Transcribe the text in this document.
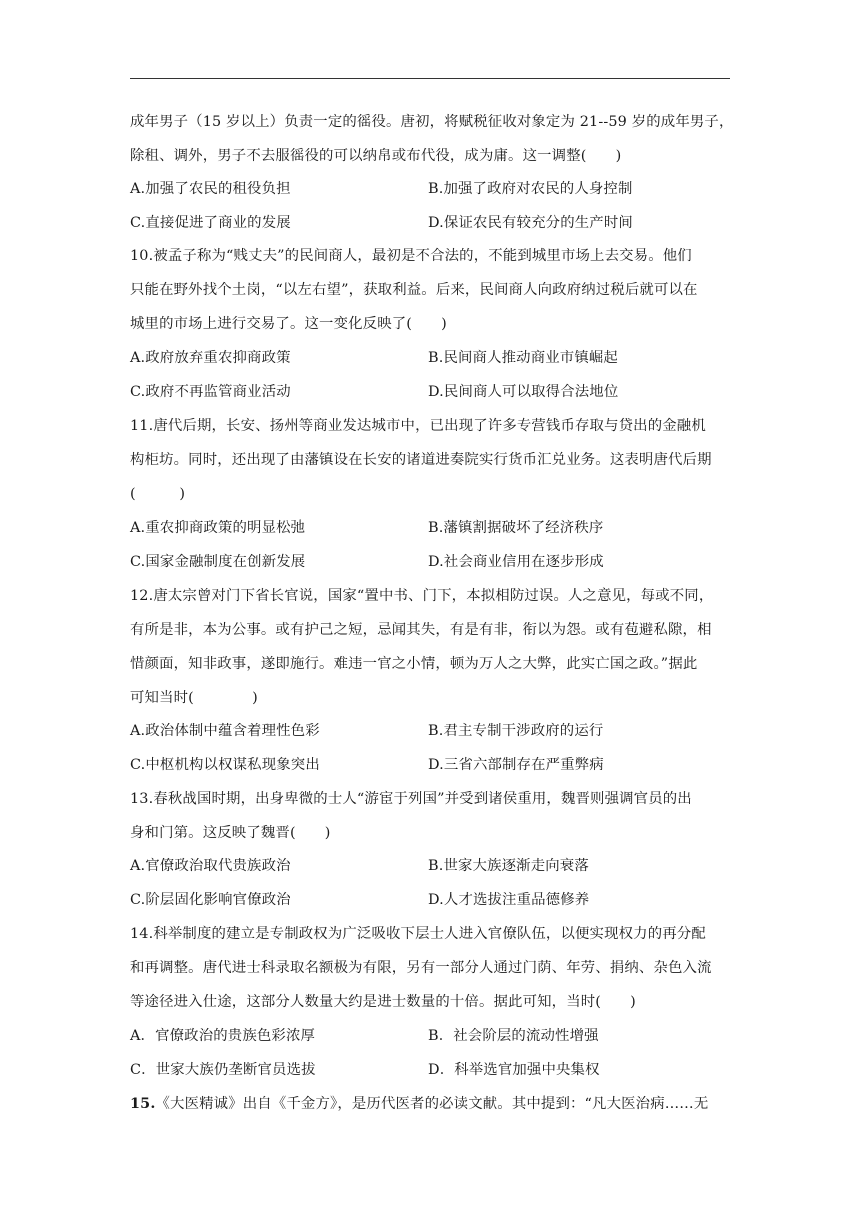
成年男子（15 岁以上）负责一定的徭役。唐初，将赋税征收对象定为 21--59 岁的成年男子，
除租、调外，男子不去服徭役的可以纳帛或布代役，成为庸。这一调整(　　)
A.加强了农民的租役负担	B.加强了政府对农民的人身控制
C.直接促进了商业的发展	D.保证农民有较充分的生产时间
10.被孟子称为“贱丈夫”的民间商人，最初是不合法的，不能到城里市场上去交易。他们
只能在野外找个土岗，“以左右望”，获取利益。后来，民间商人向政府纳过税后就可以在
城里的市场上进行交易了。这一变化反映了(　　)
A.政府放弃重农抑商政策	B.民间商人推动商业市镇崛起
C.政府不再监管商业活动	D.民间商人可以取得合法地位
11.唐代后期，长安、扬州等商业发达城市中，已出现了许多专营钱币存取与贷出的金融机
构柜坊。同时，还出现了由藩镇设在长安的诸道进奏院实行货币汇兑业务。这表明唐代后期
(　　　)
A.重农抑商政策的明显松弛	B.藩镇割据破坏了经济秩序
C.国家金融制度在创新发展	D.社会商业信用在逐步形成
12.唐太宗曾对门下省长官说，国家“置中书、门下，本拟相防过误。人之意见，每或不同，
有所是非，本为公事。或有护己之短，忌闻其失，有是有非，衔以为怨。或有苞避私隙，相
惜颜面，知非政事，遂即施行。难违一官之小情，顿为万人之大弊，此实亡国之政。”据此
可知当时(　　　　)
A.政治体制中蕴含着理性色彩	B.君主专制干涉政府的运行
C.中枢机构以权谋私现象突出	D.三省六部制存在严重弊病
13.春秋战国时期，出身卑微的士人“游宦于列国”并受到诸侯重用，魏晋则强调官员的出
身和门第。这反映了魏晋(　　)
A.官僚政治取代贵族政治	B.世家大族逐渐走向衰落
C.阶层固化影响官僚政治	D.人才选拔注重品德修养
14.科举制度的建立是专制政权为广泛吸收下层士人进入官僚队伍，以便实现权力的再分配
和再调整。唐代进士科录取名额极为有限，另有一部分人通过门荫、年劳、捐纳、杂色入流
等途径进入仕途，这部分人数量大约是进士数量的十倍。据此可知，当时(　　)
A．官僚政治的贵族色彩浓厚	B．社会阶层的流动性增强
C．世家大族仍垄断官员选拔	D．科举选官加强中央集权
15.《大医精诚》出自《千金方》，是历代医者的必读文献。其中提到：“凡大医治病……无
